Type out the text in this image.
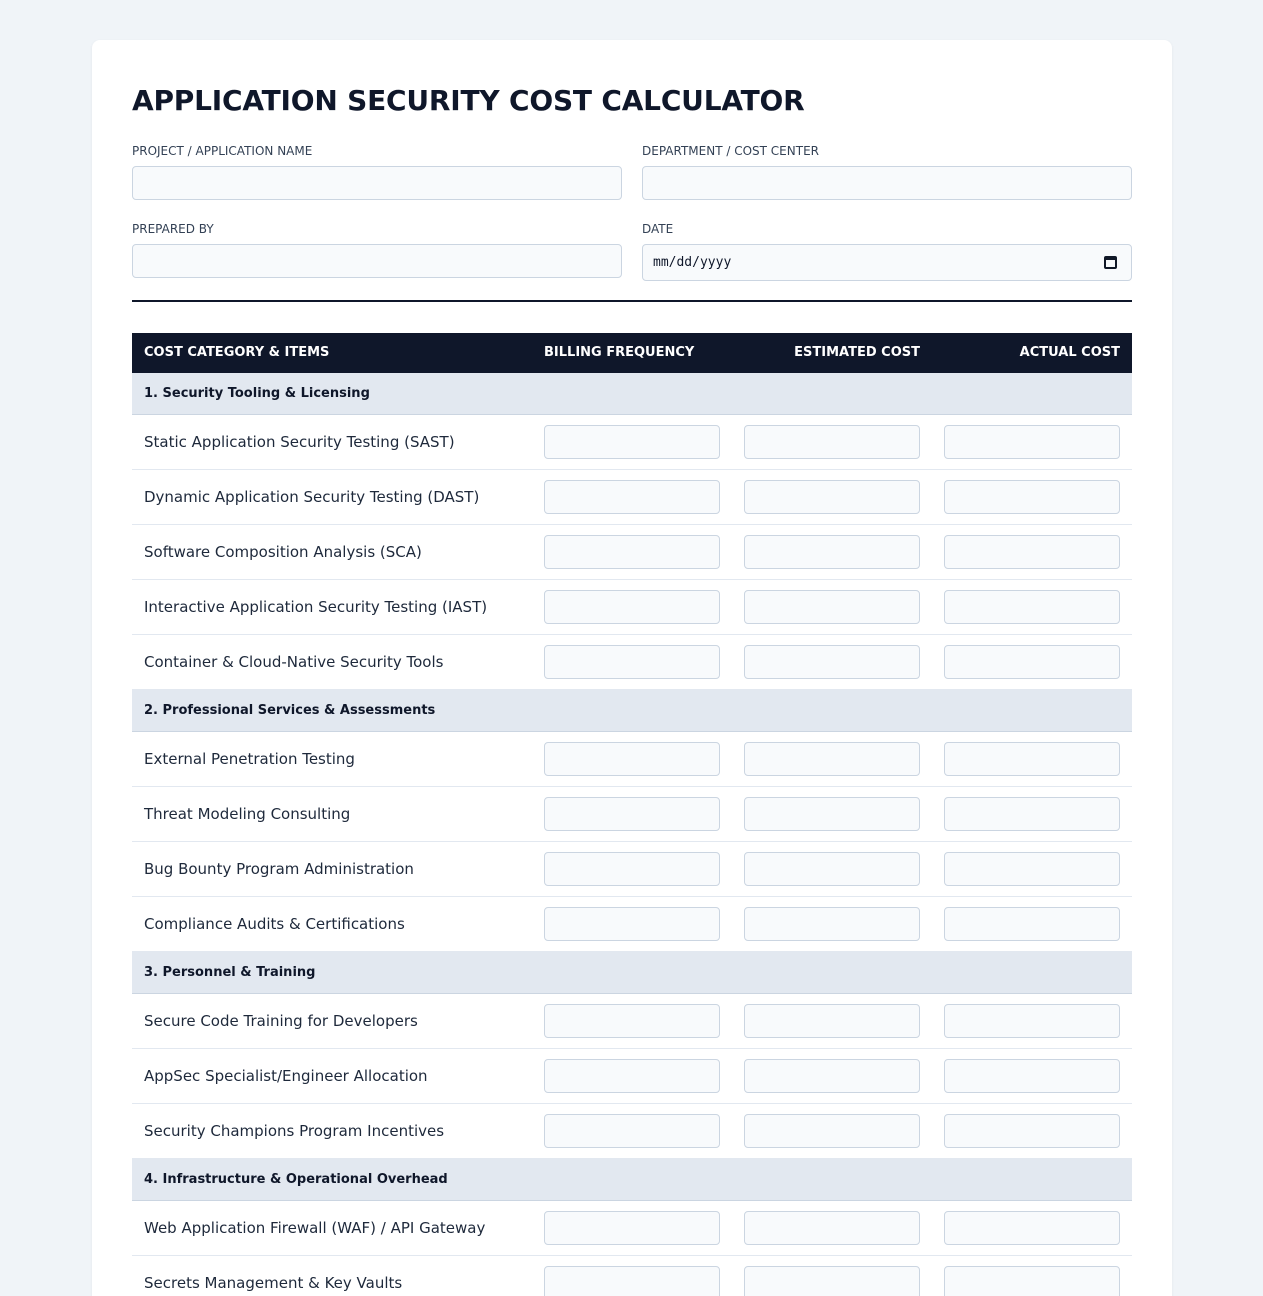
APPLICATION SECURITY COST CALCULATOR
PROJECT / APPLICATION NAME	DEPARTMENT / COST CENTER
PREPARED BY	DATE
mm/dd/yyyy
COST CATEGORY & ITEMS	BILLING FREQUENCY	ESTIMATED COST	ACTUAL COST
1. Security Tooling & Licensing
Static Application Security Testing (SAST)
Dynamic Application Security Testing (DAST)
Software Composition Analysis (SCA)
Interactive Application Security Testing (IAST)
Container & Cloud-Native Security Tools
2. Professional Services & Assessments
External Penetration Testing
Threat Modeling Consulting
Bug Bounty Program Administration
Compliance Audits & Certifications
3. Personnel & Training
Secure Code Training for Developers
AppSec Specialist/Engineer Allocation
Security Champions Program Incentives
4. Infrastructure & Operational Overhead
Web Application Firewall (WAF) / API Gateway
Secrets Management & Key Vaults
